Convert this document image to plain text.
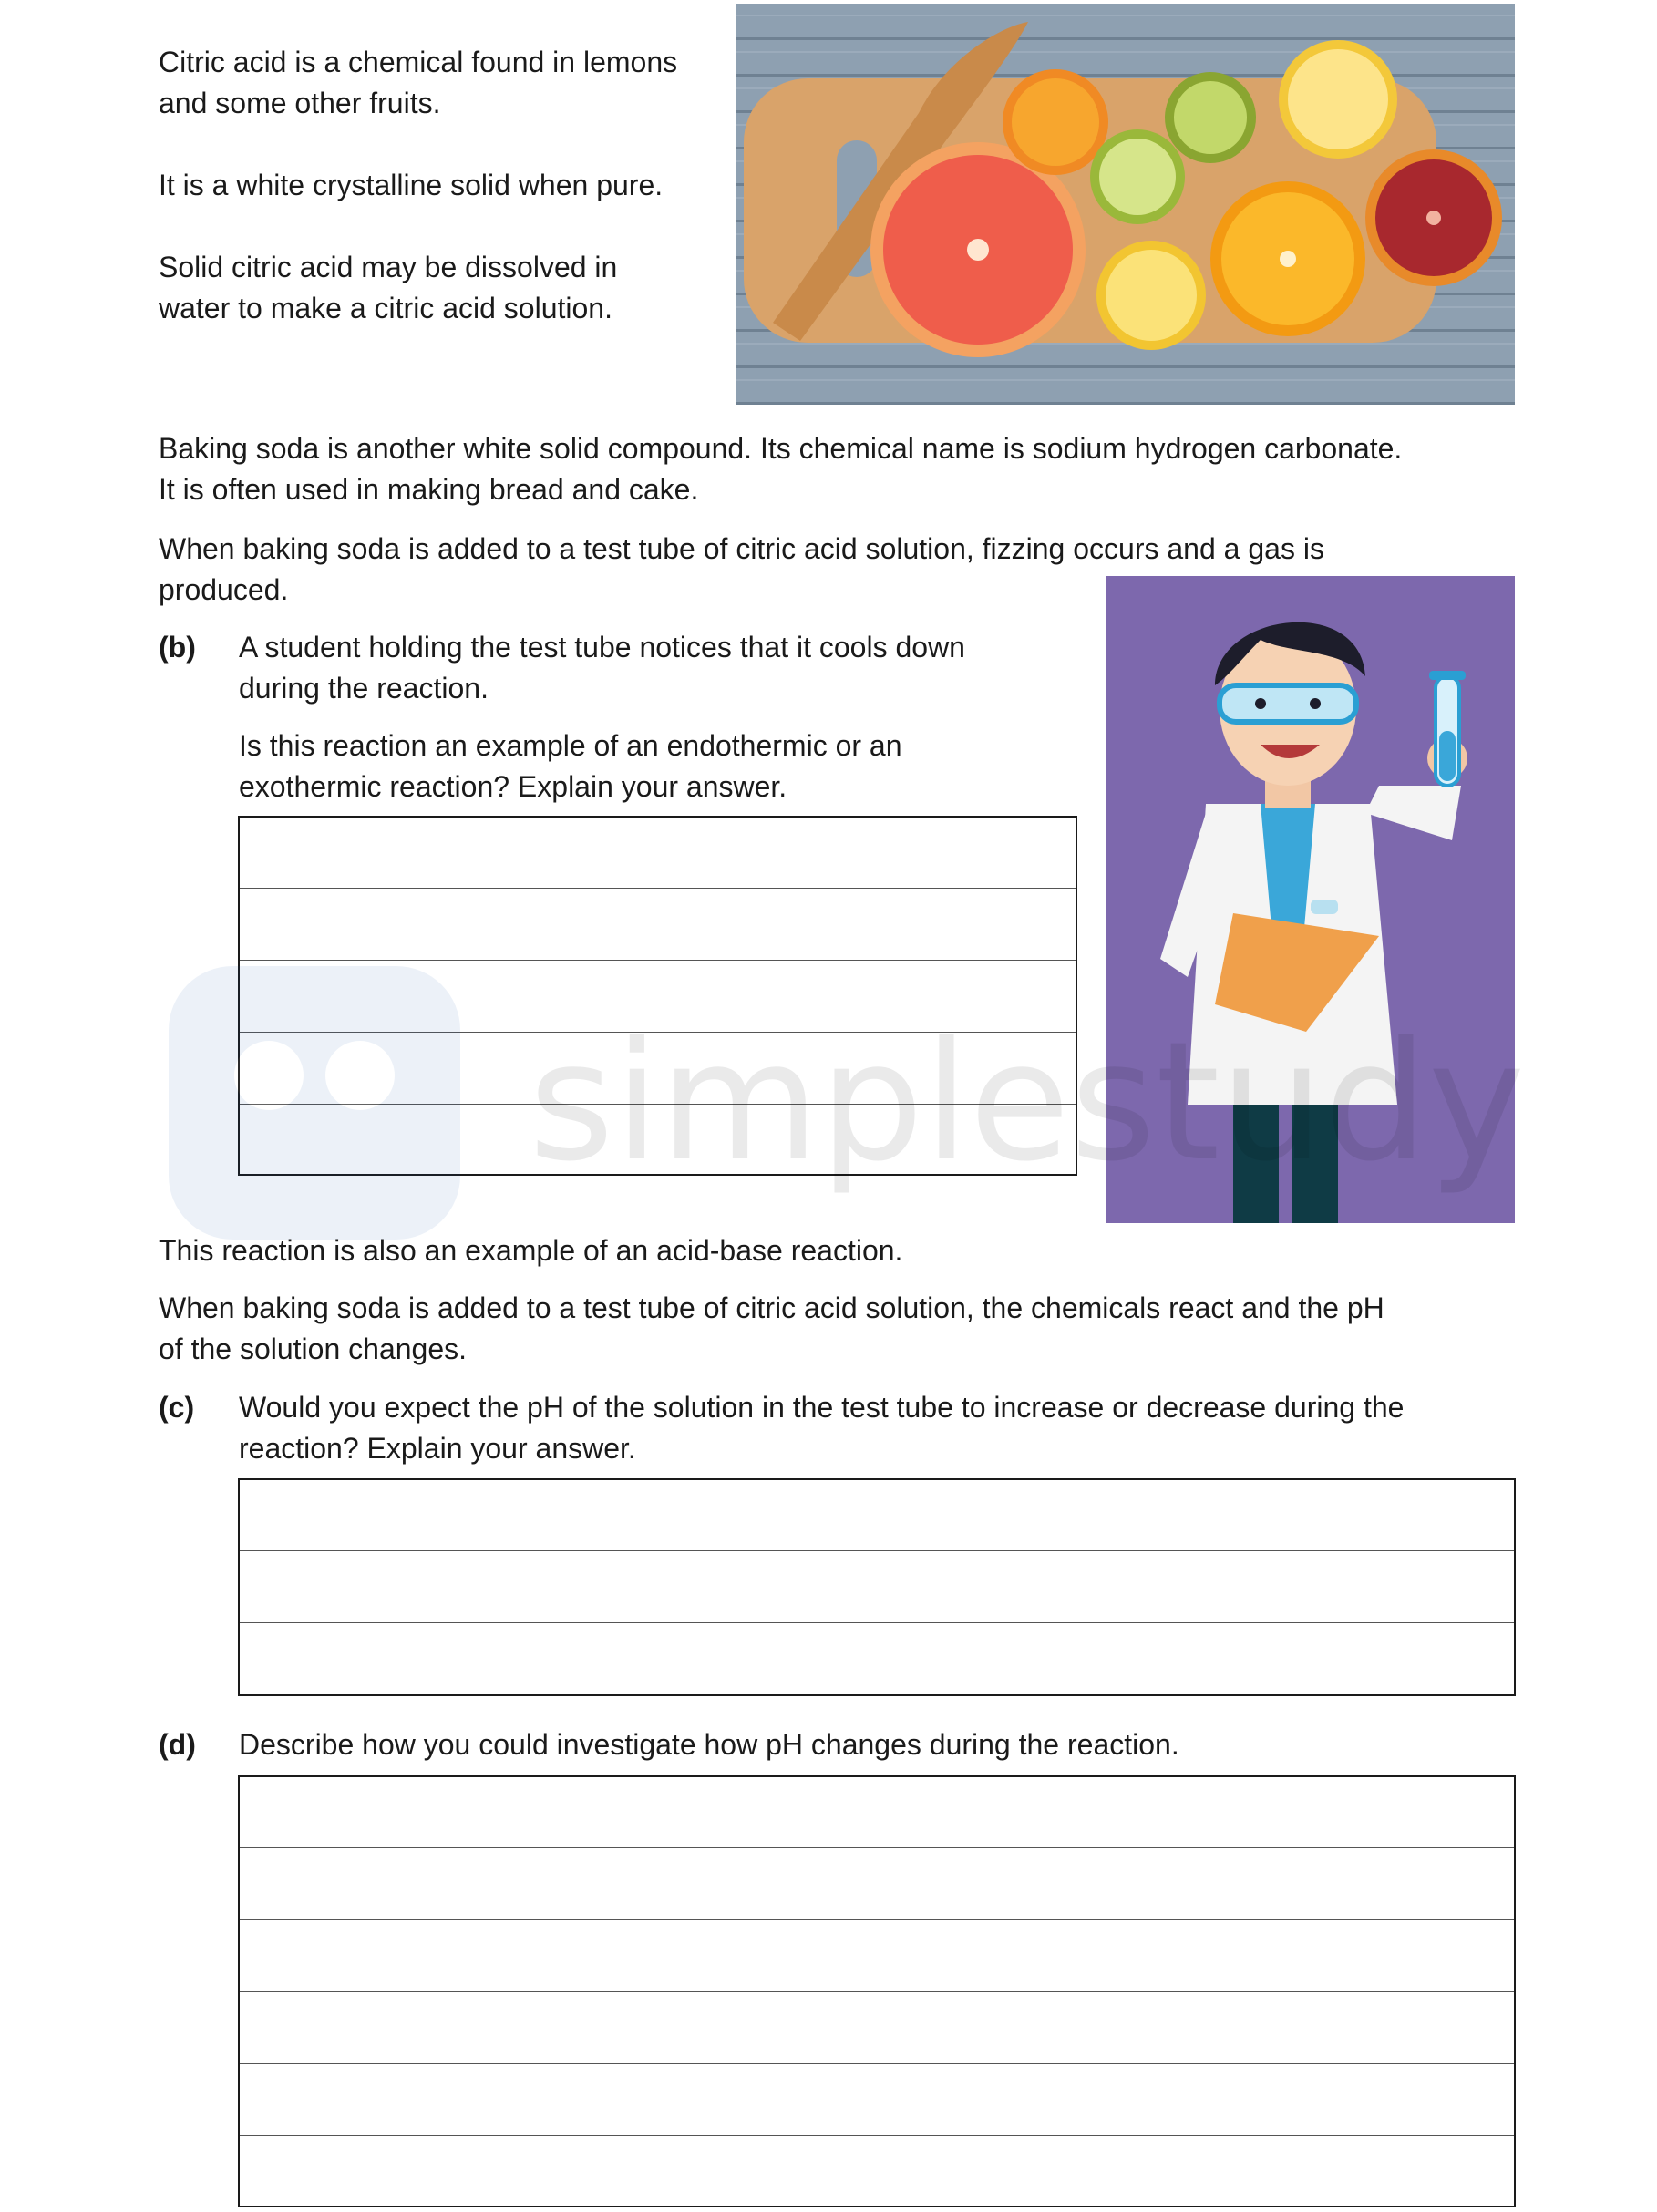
Citric acid is a chemical found in lemons

and some other fruits.

It is a white crystalline solid when pure.

Solid citric acid may be dissolved in

water to make a citric acid solution.

Baking soda is another white solid compound. Its chemical name is sodium hydrogen carbonate.

It is often used in making bread and cake.

When baking soda is added to a test tube of citric acid solution, fizzing occurs and a gas is

produced.

(b) A student holding the test tube notices that it cools down

during the reaction.

Is this reaction an example of an endothermic or an

exothermic reaction? Explain your answer.

simplestudy

This reaction is also an example of an acid-base reaction.

When baking soda is added to a test tube of citric acid solution, the chemicals react and the pH

of the solution changes.

(c) Would you expect the pH of the solution in the test tube to increase or decrease during the

reaction? Explain your answer.

(d) Describe how you could investigate how pH changes during the reaction.
